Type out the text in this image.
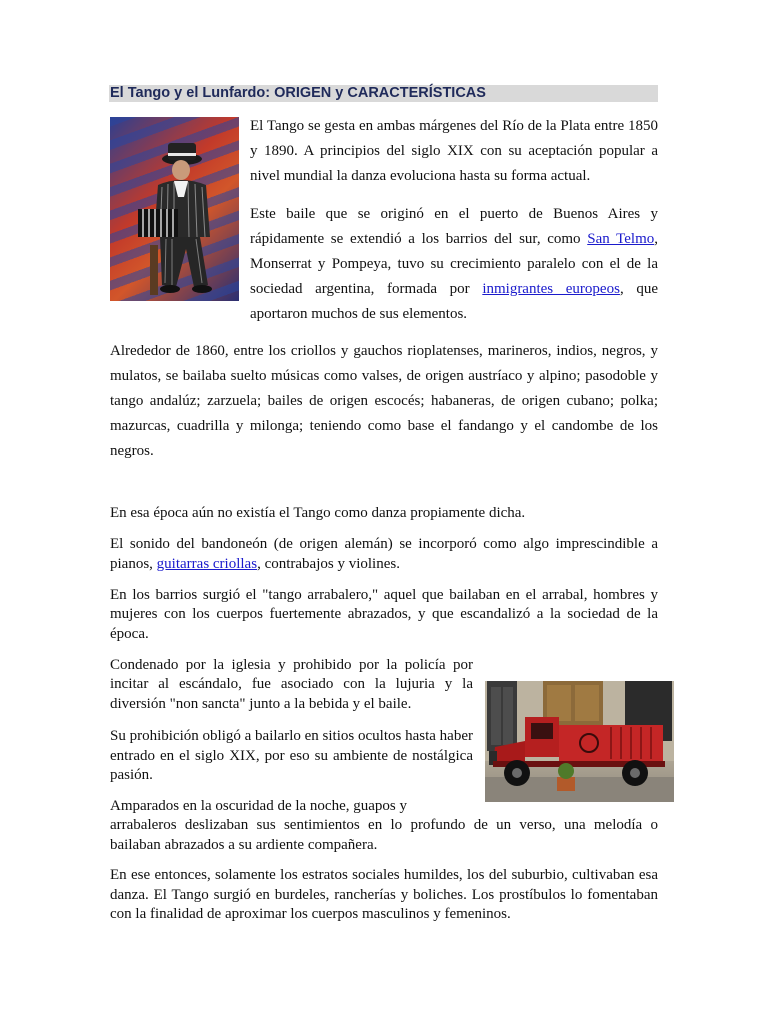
El Tango y el Lunfardo: ORIGEN y CARACTERÍSTICAS

El Tango se gesta en ambas márgenes del Río de la Plata entre 1850 y 1890. A principios del siglo XIX con su aceptación popular a nivel mundial la danza evoluciona hasta su forma actual.

Este baile que se originó en el puerto de Buenos Aires y rápidamente se extendió a los barrios del sur, como San Telmo, Monserrat y Pompeya, tuvo su crecimiento paralelo con el de la sociedad argentina, formada por inmigrantes europeos, que aportaron muchos de sus elementos.

Alrededor de 1860, entre los criollos y gauchos rioplatenses, marineros, indios, negros, y mulatos, se bailaba suelto músicas como valses, de origen austríaco y alpino; pasodoble y tango andalúz; zarzuela; bailes de origen escocés; habaneras, de origen cubano; polka; mazurcas, cuadrilla y milonga; teniendo como base el fandango y el candombe de los negros.

En esa época aún no existía el Tango como danza propiamente dicha.

El sonido del bandoneón (de origen alemán) se incorporó como algo imprescindible a pianos, guitarras criollas, contrabajos y violines.

En los barrios surgió el "tango arrabalero," aquel que bailaban en el arrabal, hombres y mujeres con los cuerpos fuertemente abrazados, y que escandalizó a la sociedad de la época.

Condenado por la iglesia y prohibido por la policía por incitar al escándalo, fue asociado con la lujuria y la diversión "non sancta" junto a la bebida y el baile.

Su prohibición obligó a bailarlo en sitios ocultos hasta haber entrado en el siglo XIX, por eso su ambiente de nostálgica pasión.

Amparados en la oscuridad de la noche, guapos y

arrabaleros deslizaban sus sentimientos en lo profundo de un verso, una melodía o bailaban abrazados a su ardiente compañera.

En ese entonces, solamente los estratos sociales humildes, los del suburbio, cultivaban esa danza. El Tango surgió en burdeles, rancherías y boliches. Los prostíbulos lo fomentaban con la finalidad de aproximar los cuerpos masculinos y femeninos.
